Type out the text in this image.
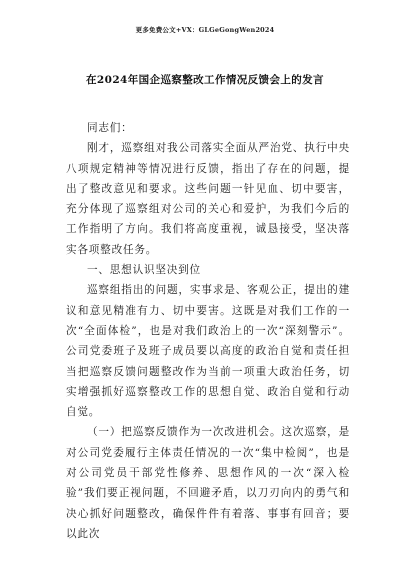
更多免费公文+VX：GLGeGongWen2024
在2024年国企巡察整改工作情况反馈会上的发言

同志们：

刚才，巡察组对我公司落实全面从严治党、执行中央八项规定精神等情况进行反馈，指出了存在的问题，提出了整改意见和要求。这些问题一针见血、切中要害，充分体现了巡察组对公司的关心和爱护，为我们今后的工作指明了方向。我们将高度重视，诚恳接受，坚决落实各项整改任务。

一、思想认识坚决到位

巡察组指出的问题，实事求是、客观公正，提出的建议和意见精准有力、切中要害。这既是对我们工作的一次“全面体检”，也是对我们政治上的一次“深刻警示”。公司党委班子及班子成员要以高度的政治自觉和责任担当把巡察反馈问题整改作为当前一项重大政治任务，切实增强抓好巡察整改工作的思想自觉、政治自觉和行动自觉。

（一）把巡察反馈作为一次改进机会。这次巡察，是对公司党委履行主体责任情况的一次“集中检阅”，也是对公司党员干部党性修养、思想作风的一次“深入检验”我们要正视问题，不回避矛盾，以刀刃向内的勇气和决心抓好问题整改，确保件件有着落、事事有回音；要以此次
